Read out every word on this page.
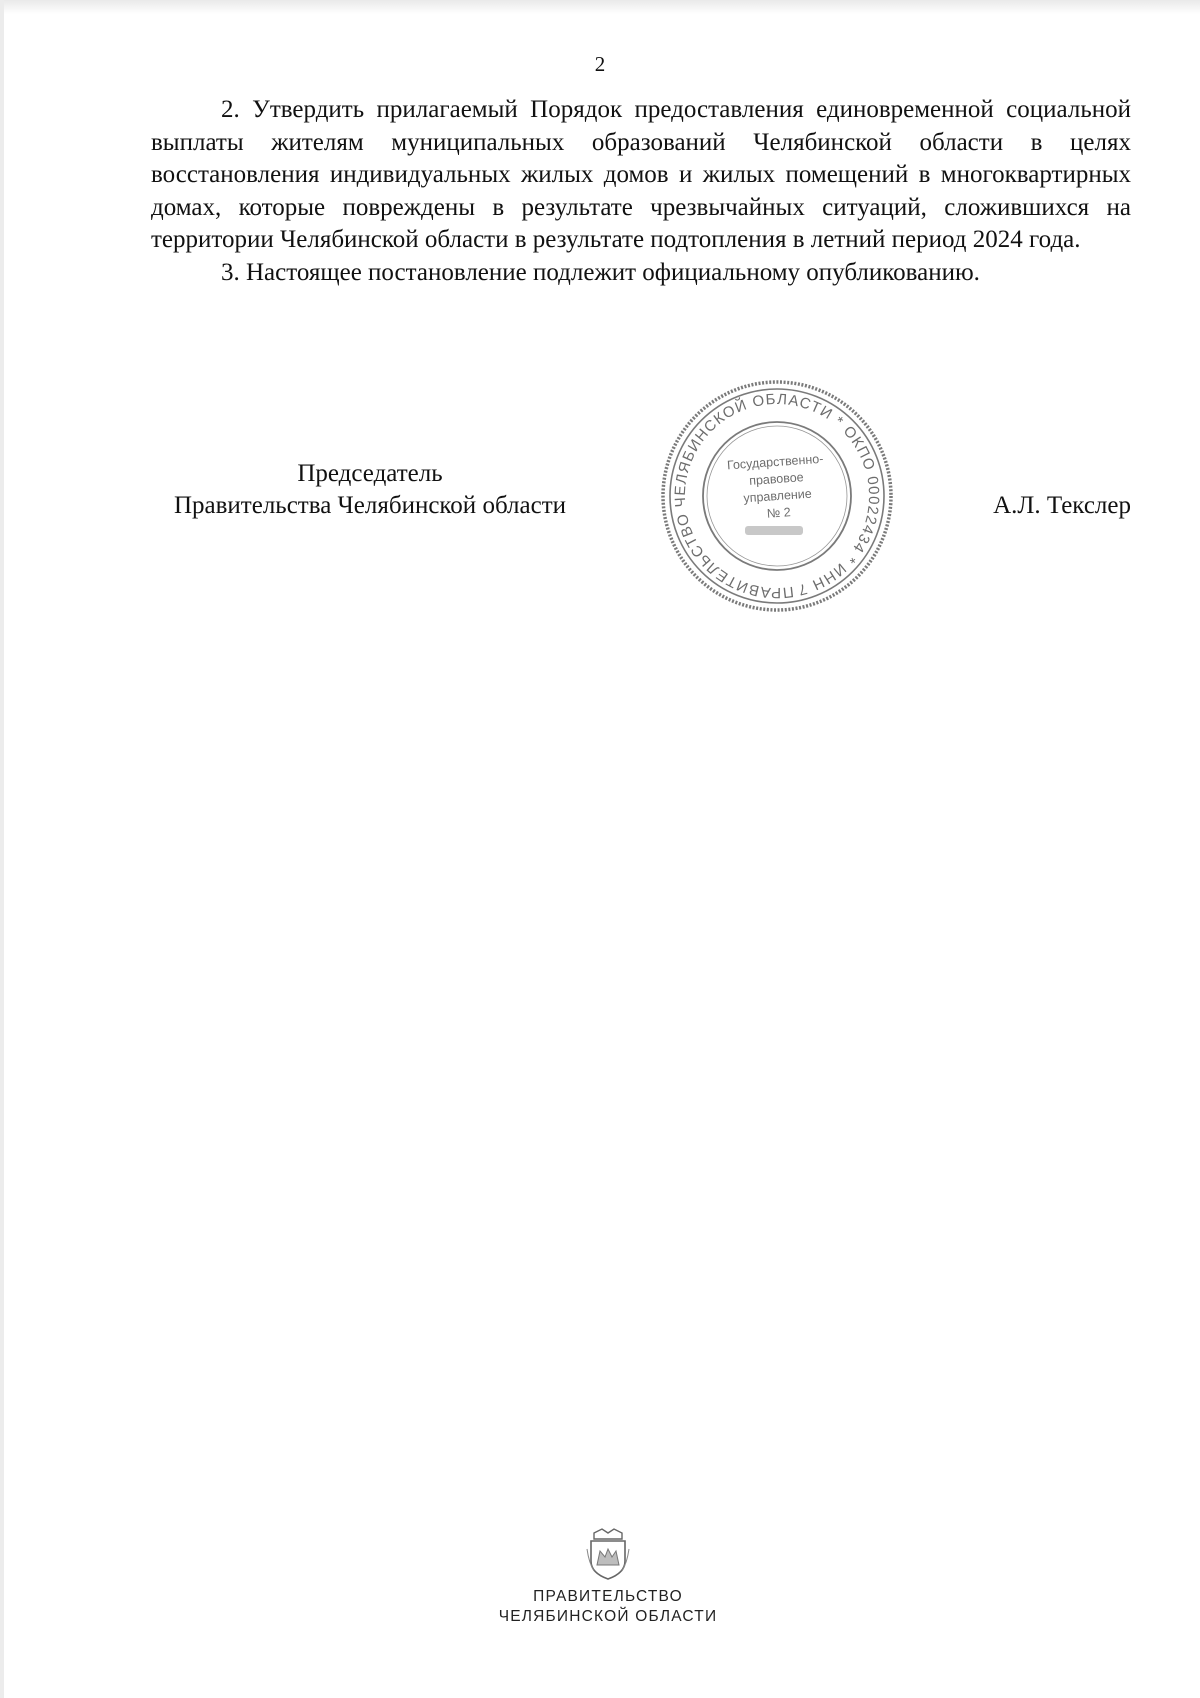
2

2. Утвердить прилагаемый Порядок предоставления единовременной социальной выплаты жителям муниципальных образований Челябинской области в целях восстановления индивидуальных жилых домов и жилых помещений в многоквартирных домах, которые повреждены в результате чрезвычайных ситуаций, сложившихся на территории Челябинской области в результате подтопления в летний период 2024 года.

3. Настоящее постановление подлежит официальному опубликованию.

Председатель
Правительства Челябинской области	А.Л. Текслер
ПРАВИТЕЛЬСТВО ЧЕЛЯБИНСКОЙ ОБЛАСТИ * ОКПО 00022434 * ИНН 7453042717
Государственно-
правовое
управление
№ 2
ПРАВИТЕЛЬСТВО
ЧЕЛЯБИНСКОЙ ОБЛАСТИ
